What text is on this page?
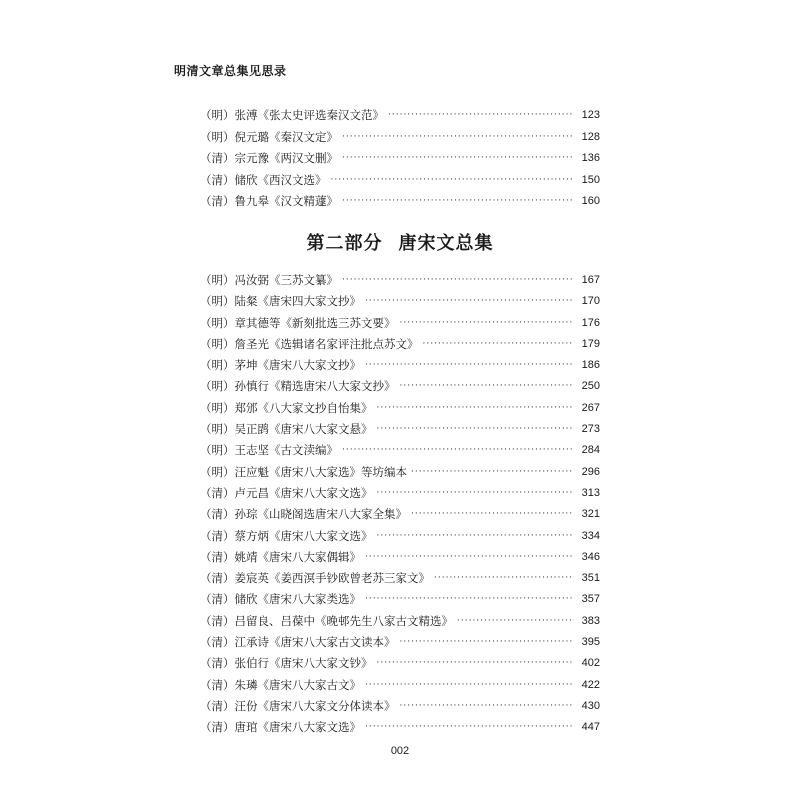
明清文章总集见思录
（明）张溥《张太史评选秦汉文范》 ·····	123
（明）倪元璐《秦汉文定》 ·····	128
（清）宗元豫《两汉文删》 ·····	136
（清）储欣《西汉文选》 ·····	150
（清）鲁九皋《汉文精蘧》 ·····	160
第二部分 唐宋文总集
（明）冯汝弼《三苏文纂》 ·····	167
（明）陆粲《唐宋四大家文抄》 ·····	170
（明）章其德等《新刻批选三苏文要》 ·····	176
（明）詹圣光《选辑诸名家评注批点苏文》 ·····	179
（明）茅坤《唐宋八大家文抄》 ·····	186
（明）孙慎行《精选唐宋八大家文抄》 ·····	250
（明）郑邠《八大家文抄自怡集》 ·····	267
（明）吴正鹍《唐宋八大家文悬》 ·····	273
（明）王志坚《古文渎编》 ·····	284
（明）汪应魁《唐宋八大家选》等坊编本 ·····	296
（清）卢元昌《唐宋八大家文选》 ·····	313
（清）孙琮《山晓阁选唐宋八大家全集》 ·····	321
（清）蔡方炳《唐宋八大家文选》 ·····	334
（清）姚靖《唐宋八大家偶辑》 ·····	346
（清）姜宸英《姜西溟手钞欧曾老苏三家文》 ·····	351
（清）储欣《唐宋八大家类选》 ·····	357
（清）吕留良、吕葆中《晚邨先生八家古文精选》 ·····	383
（清）江承诗《唐宋八大家古文读本》 ·····	395
（清）张伯行《唐宋八大家文钞》 ·····	402
（清）朱璘《唐宋八大家古文》 ·····	422
（清）汪份《唐宋八大家文分体读本》 ·····	430
（清）唐琯《唐宋八大家文选》 ·····	447
002
